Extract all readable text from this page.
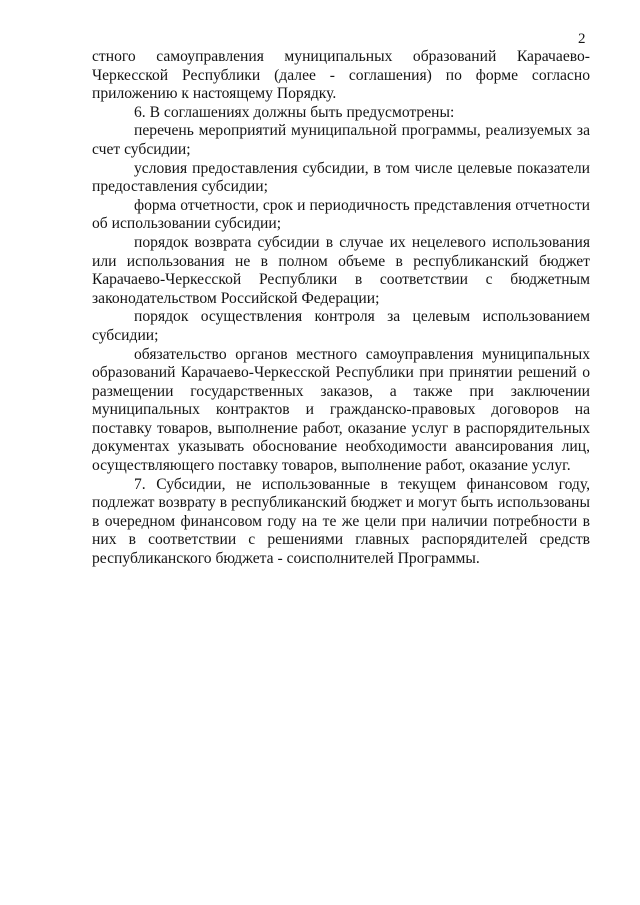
2

стного самоуправления муниципальных образований Карачаево-Черкесской Республики (далее - соглашения) по форме согласно приложению к настоящему Порядку.

6. В соглашениях должны быть предусмотрены:

перечень мероприятий муниципальной программы, реализуемых за счет субсидии;

условия предоставления субсидии, в том числе целевые показатели предоставления субсидии;

форма отчетности, срок и периодичность представления отчетности об использовании субсидии;

порядок возврата субсидии в случае их нецелевого использования или использования не в полном объеме в республиканский бюджет Карачаево-Черкесской Республики в соответствии с бюджетным законодательством Российской Федерации;

порядок осуществления контроля за целевым использованием субсидии;

обязательство органов местного самоуправления муниципальных образований Карачаево-Черкесской Республики при принятии решений о размещении государственных заказов, а также при заключении муниципальных контрактов и гражданско-правовых договоров на поставку товаров, выполнение работ, оказание услуг в распорядительных документах указывать обоснование необходимости авансирования лиц, осуществляющего поставку товаров, выполнение работ, оказание услуг.

7. Субсидии, не использованные в текущем финансовом году, подлежат возврату в республиканский бюджет и могут быть использованы в очередном финансовом году на те же цели при наличии потребности в них в соответствии с решениями главных распорядителей средств республиканского бюджета - соисполнителей Программы.
